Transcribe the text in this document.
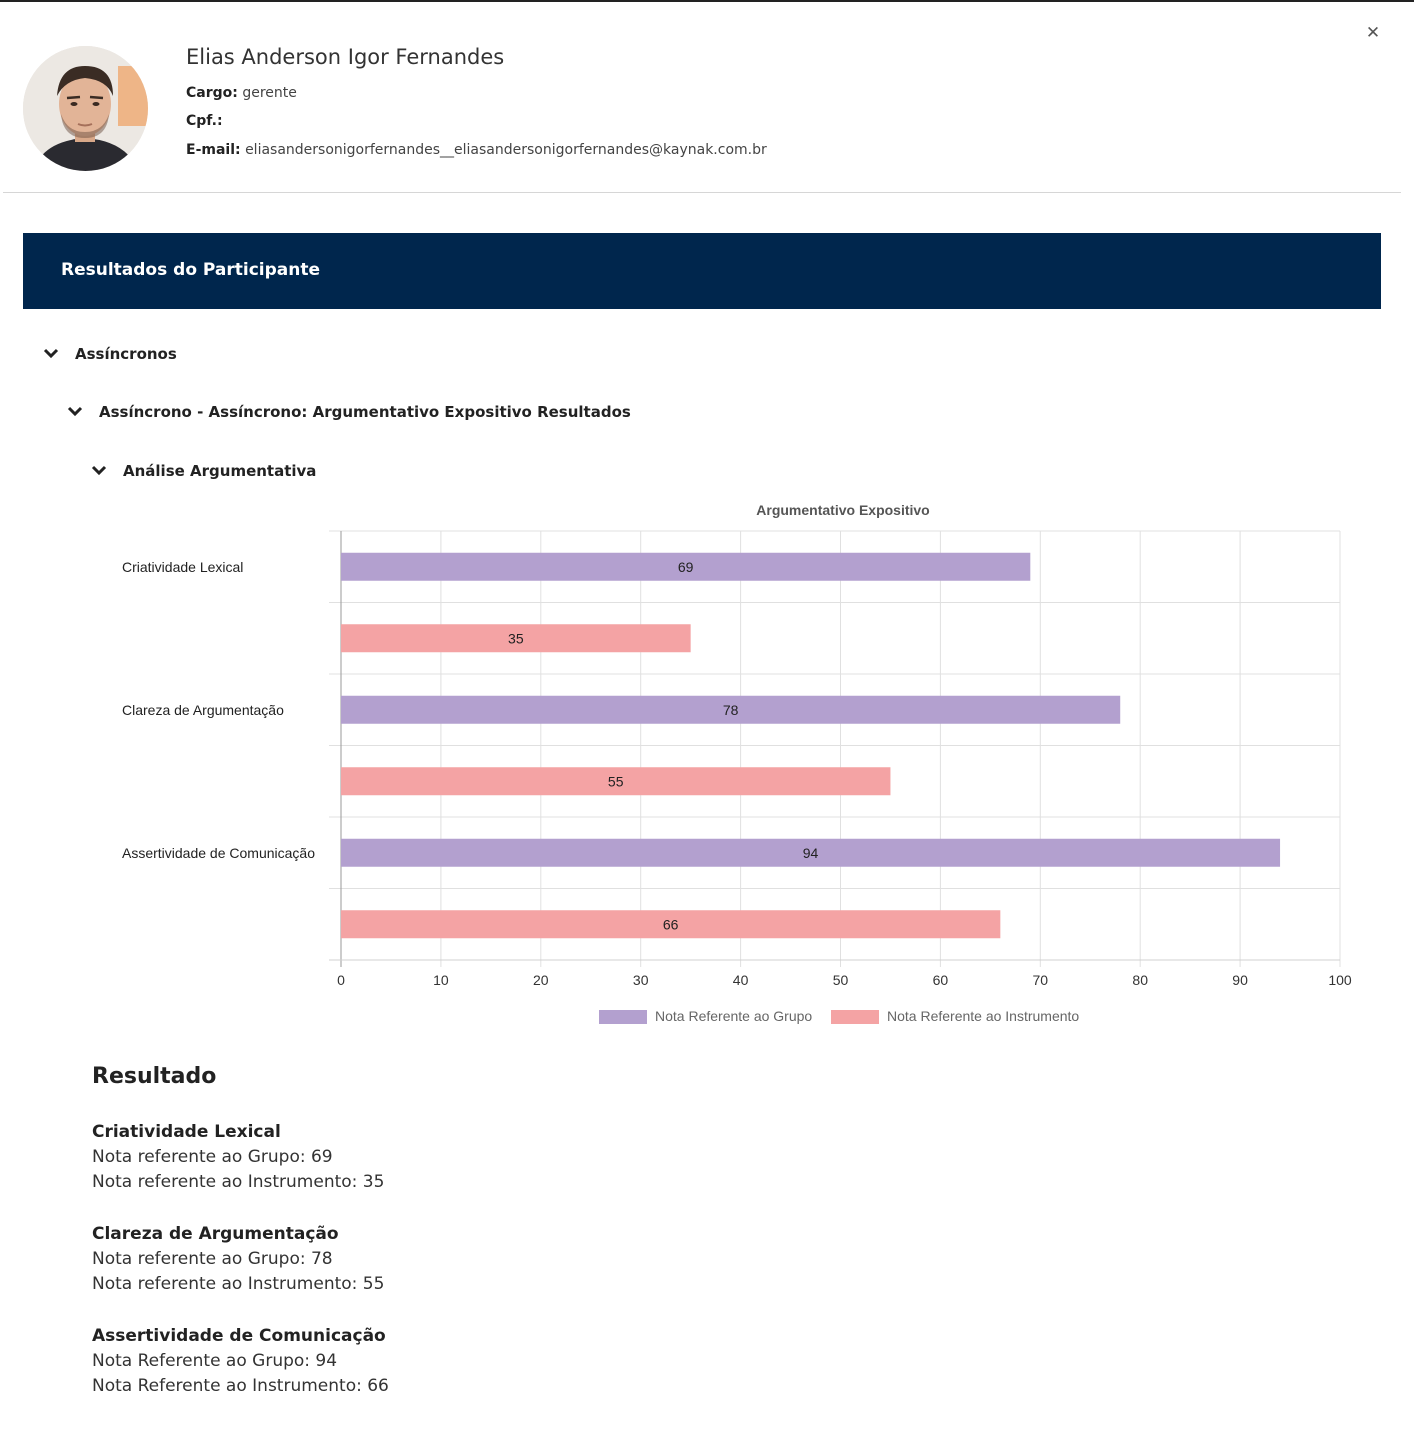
✕
Elias Anderson Igor Fernandes
Cargo: gerente
Cpf.:
E-mail: eliasandersonigorfernandes__eliasandersonigorfernandes@kaynak.com.br
Resultados do Participante
Assíncronos
Assíncrono - Assíncrono: Argumentativo Expositivo Resultados
Análise Argumentativa
Argumentativo Expositivo
69
35
78
55
94
66
Criatividade Lexical
Clareza de Argumentação
Assertividade de Comunicação
0	10	20	30	40	50	60	70	80	90	100
Nota Referente ao Grupo	Nota Referente ao Instrumento
Resultado
Criatividade Lexical
Nota referente ao Grupo: 69
Nota referente ao Instrumento: 35
Clareza de Argumentação
Nota referente ao Grupo: 78
Nota referente ao Instrumento: 55
Assertividade de Comunicação
Nota Referente ao Grupo: 94
Nota Referente ao Instrumento: 66
